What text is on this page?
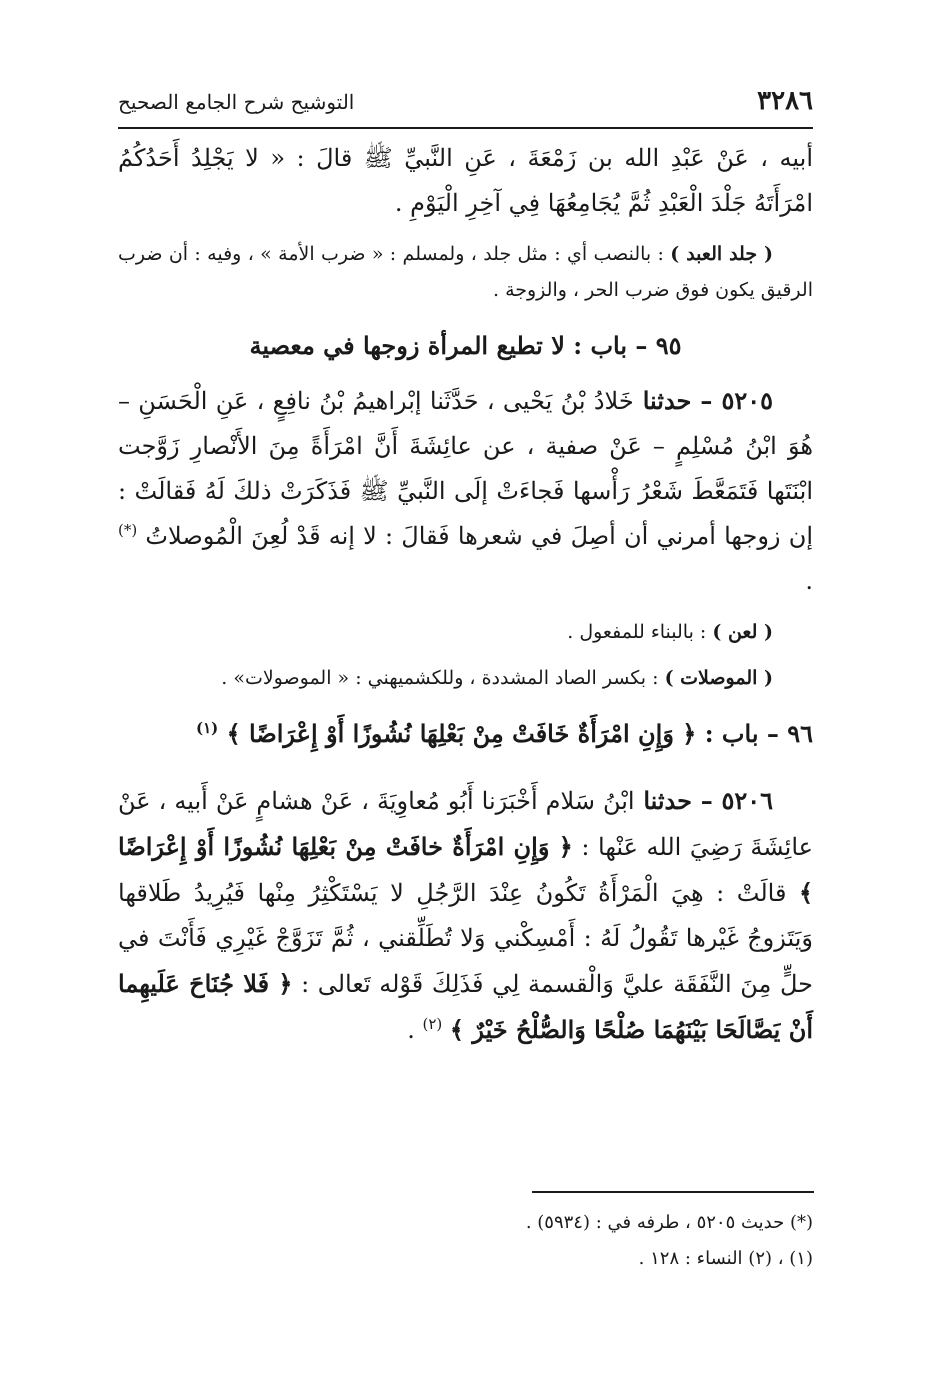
٣٢٨٦
التوشيح شرح الجامع الصحيح

أبيه ، عَنْ عَبْدِ الله بن زَمْعَةَ ، عَنِ النَّبيِّ ﷺ قالَ : « لا يَجْلِدُ أَحَدُكُمُ امْرَأَتَهُ جَلْدَ الْعَبْدِ ثُمَّ يُجَامِعُهَا فِي آخِرِ الْيَوْمِ .

( جلد العبد ) : بالنصب أي : مثل جلد ، ولمسلم : « ضرب الأمة » ، وفيه : أن ضرب الرقيق يكون فوق ضرب الحر ، والزوجة .

٩٥ – باب : لا تطيع المرأة زوجها في معصية

٥٢٠٥ – حدثنا خَلادُ بْنُ يَحْيى ، حَدَّثَنا إبْراهيمُ بْنُ نافِعٍ ، عَنِ الْحَسَنِ – هُوَ ابْنُ مُسْلِمٍ – عَنْ صفية ، عن عائِشَةَ أَنَّ امْرَأَةً مِنَ الأَنْصارِ زَوَّجت ابْنَتَها فَتَمَعَّطَ شَعْرُ رَأْسها فَجاءَتْ إلَى النَّبيِّ ﷺ فَذَكَرَتْ ذلكَ لَهُ فَقالَتْ : إن زوجها أمرني أن أصِلَ في شعرها فَقالَ : لا إنه قَدْ لُعِنَ الْمُوصلاتُ (*) .

( لعن ) : بالبناء للمفعول .

( الموصلات ) : بكسر الصاد المشددة ، وللكشميهني : « الموصولات» .

٩٦ – باب : ﴿ وَإِنِ امْرَأَةٌ خَافَتْ مِنْ بَعْلِهَا نُشُوزًا أَوْ إِعْرَاضًا ﴾ $^{(١)}$

٥٢٠٦ – حدثنا ابْنُ سَلام أَخْبَرَنا أَبُو مُعاوِيَةَ ، عَنْ هشامٍ عَنْ أَبيه ، عَنْ عائِشَةَ رَضِيَ الله عَنْها : ﴿ وَإِنِ امْرَأَةٌ خافَتْ مِنْ بَعْلِهَا نُشُوزًا أَوْ إِعْرَاضًا ﴾ قالَتْ : هِيَ الْمَرْأَةُ تَكُونُ عِنْدَ الرَّجُلِ لا يَسْتَكْثِرُ مِنْها فَيُرِيدُ طَلاقها وَيَتَزوجُ غَيْرها تَقُولُ لَهُ : أَمْسِكْني وَلا تُطَلِّقني ، ثُمَّ تَزَوَّجْ غَيْرِي فَأَنْتَ في حلٍّ مِنَ النَّفَقَة عليَّ وَالْقسمة لِي فَذَلِكَ قَوْله تَعالى : ﴿ فَلا جُنَاحَ عَلَيهِما أَنْ يَصَّالَحَا بَيْنَهُمَا صُلْحًا وَالصُّلْحُ خَيْرٌ ﴾ $^{(٢)}$ .

(*) حديث ٥٢٠٥ ، طرفه في : (٥٩٣٤) .

(١) ، (٢) النساء : ١٢٨ .
